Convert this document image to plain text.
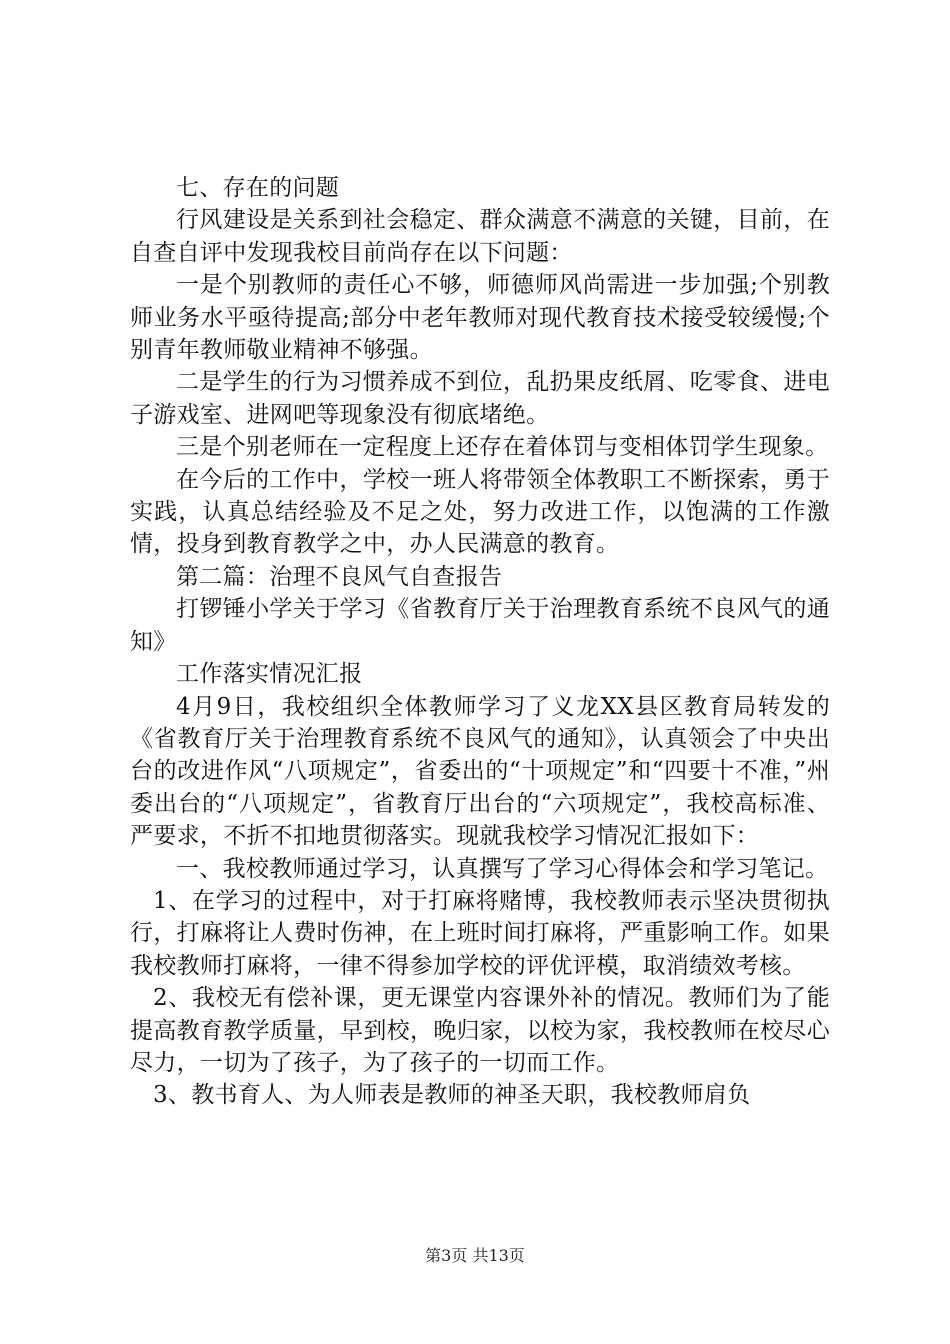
七、存在的问题

行风建设是关系到社会稳定、群众满意不满意的关键，目前，在自查自评中发现我校目前尚存在以下问题：

一是个别教师的责任心不够，师德师风尚需进一步加强;个别教师业务水平亟待提高;部分中老年教师对现代教育技术接受较缓慢;个别青年教师敬业精神不够强。

二是学生的行为习惯养成不到位，乱扔果皮纸屑、吃零食、进电子游戏室、进网吧等现象没有彻底堵绝。

三是个别老师在一定程度上还存在着体罚与变相体罚学生现象。

在今后的工作中，学校一班人将带领全体教职工不断探索，勇于实践，认真总结经验及不足之处，努力改进工作，以饱满的工作激情，投身到教育教学之中，办人民满意的教育。

第二篇：治理不良风气自查报告

打锣锤小学关于学习《省教育厅关于治理教育系统不良风气的通知》

工作落实情况汇报

4月9日，我校组织全体教师学习了义龙XX县区教育局转发的《省教育厅关于治理教育系统不良风气的通知》，认真领会了中央出台的改进作风“八项规定”，省委出的“十项规定”和“四要十不准，”州委出台的“八项规定”，省教育厅出台的“六项规定”，我校高标准、严要求，不折不扣地贯彻落实。现就我校学习情况汇报如下：

一、我校教师通过学习，认真撰写了学习心得体会和学习笔记。

1、在学习的过程中，对于打麻将赌博，我校教师表示坚决贯彻执行，打麻将让人费时伤神，在上班时间打麻将，严重影响工作。如果我校教师打麻将，一律不得参加学校的评优评模，取消绩效考核。

2、我校无有偿补课，更无课堂内容课外补的情况。教师们为了能提高教育教学质量，早到校，晚归家，以校为家，我校教师在校尽心尽力，一切为了孩子，为了孩子的一切而工作。

3、教书育人、为人师表是教师的神圣天职，我校教师肩负

第3页 共13页
